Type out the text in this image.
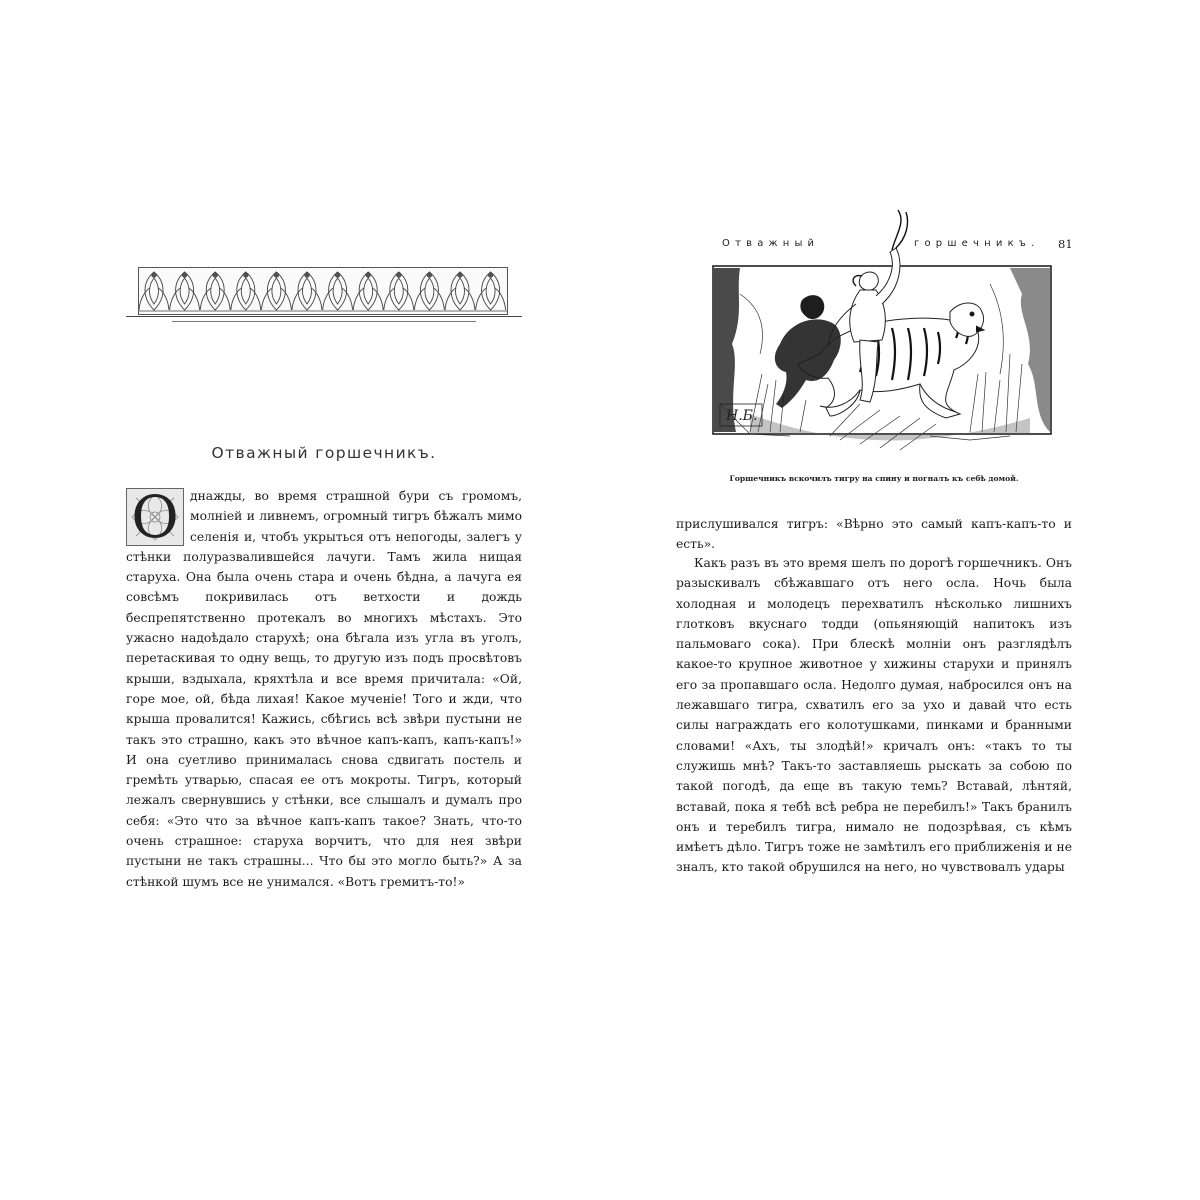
Отважный горшечникъ.

О днажды, во время страшной бури съ громомъ, молнiей и ливнемъ, огромный тигръ бѣжалъ мимо селенiя и, чтобъ укрыться отъ непогоды, залегъ у стѣнки полуразвалившейся лачуги. Тамъ жила нищая старуха. Она была очень стара и очень бѣдна, а лачуга ея совсѣмъ покривилась отъ ветхости и дождь беспрепятственно протекалъ во многихъ мѣстахъ. Это ужасно надоѣдало старухѣ; она бѣгала изъ угла въ уголъ, перетаскивая то одну вещь, то другую изъ подъ просвѣтовъ крыши, вздыхала, кряхтѣла и все время причитала: «Ой, горе мое, ой, бѣда лихая! Какое мученiе! Того и жди, что крыша провалится! Кажись, сбѣгись всѣ звѣри пустыни не такъ это страшно, какъ это вѣчное капъ-капъ, капъ-капъ!» И она суетливо принималась снова сдвигать постель и гремѣть утварью, спасая ее отъ мокроты. Тигръ, который лежалъ свернувшись у стѣнки, все слышалъ и думалъ про себя: «Это что за вѣчное капъ-капъ такое? Знать, что-то очень страшное: старуха ворчитъ, что для нея звѣри пустыни не такъ страшны... Что бы это могло быть?» А за стѣнкой шумъ все не унимался. «Вотъ гремитъ-то!»

Отважный	горшечникъ. 81
Н.Б.
Горшечникъ вскочилъ тигру на спину и погналъ къ себѣ домой.

прислушивался тигръ: «Вѣрно это самый капъ-капъ-то и есть».

Какъ разъ въ это время шелъ по дорогѣ горшечникъ. Онъ разыскивалъ сбѣжавшаго отъ него осла. Ночь была холодная и молодецъ перехватилъ нѣсколько лишнихъ глотковъ вкуснаго тодди (опьяняющiй напитокъ изъ пальмоваго сока). При блескѣ молнiи онъ разглядѣлъ какое-то крупное животное у хижины старухи и принялъ его за пропавшаго осла. Недолго думая, набросился онъ на лежавшаго тигра, схватилъ его за ухо и давай что есть силы награждать его колотушками, пинками и бранными словами! «Ахъ, ты злодѣй!» кричалъ онъ: «такъ то ты служишь мнѣ? Такъ-то заставляешь рыскать за собою по такой погодѣ, да еще въ такую темь? Вставай, лѣнтяй, вставай, пока я тебѣ всѣ ребра не перебилъ!» Такъ бранилъ онъ и теребилъ тигра, нимало не подозрѣвая, съ кѣмъ имѣетъ дѣло. Тигръ тоже не замѣтилъ его приближенiя и не зналъ, кто такой обрушился на него, но чувствовалъ удары
